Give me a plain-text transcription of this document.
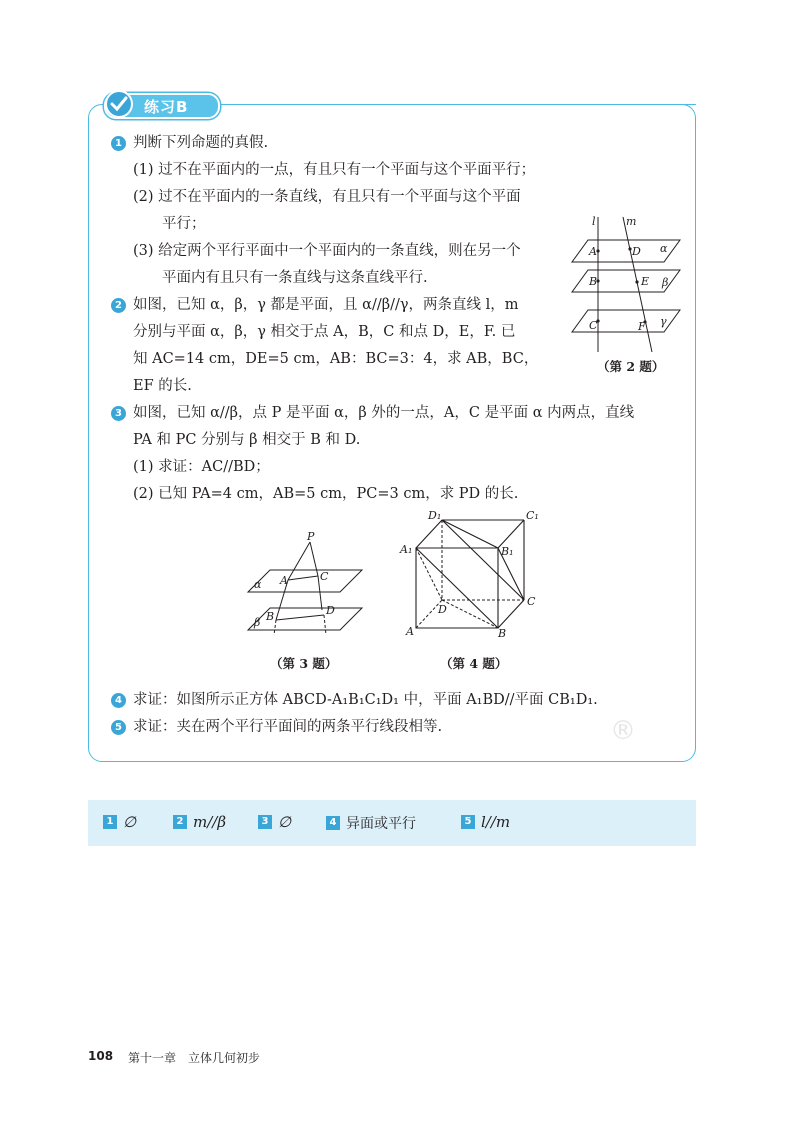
练习B
1 判断下列命题的真假.
(1) 过不在平面内的一点，有且只有一个平面与这个平面平行；
(2) 过不在平面内的一条直线，有且只有一个平面与这个平面
平行；
(3) 给定两个平行平面中一个平面内的一条直线，则在另一个
平面内有且只有一条直线与这条直线平行.
2 如图，已知 α，β，γ 都是平面，且 α//β//γ，两条直线 l，m
分别与平面 α，β，γ 相交于点 A，B，C 和点 D，E，F. 已
知 AC=14 cm，DE=5 cm，AB：BC=3：4，求 AB，BC，
EF 的长.
l	m
A	D α
B	E β
C	F γ
（第 2 题）
3 如图，已知 α//β，点 P 是平面 α，β 外的一点，A，C 是平面 α 内两点，直线
PA 和 PC 分别与 β 相交于 B 和 D.
(1) 求证：AC//BD；
(2) 已知 PA=4 cm，AB=5 cm，PC=3 cm，求 PD 的长.
P
A	C
α
B	D
β
（第 3 题）
D₁	C₁
A₁	B₁
D
C
A	B
（第 4 题）
4 求证：如图所示正方体 ABCD-A₁B₁C₁D₁ 中，平面 A₁BD//平面 CB₁D₁.
5 求证：夹在两个平行平面间的两条平行线段相等.	®
1 ∅	2 m//β	3 ∅	4 异面或平行	5 l//m
108 第十一章　立体几何初步
